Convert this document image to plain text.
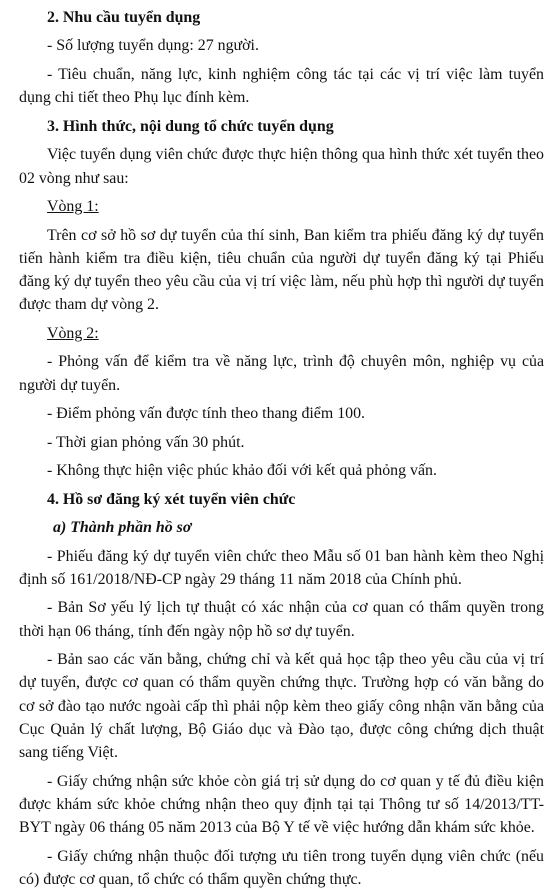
2. Nhu cầu tuyển dụng
- Số lượng tuyển dụng: 27 người.
- Tiêu chuẩn, năng lực, kinh nghiệm công tác tại các vị trí việc làm tuyển dụng chi tiết theo Phụ lục đính kèm.
3. Hình thức, nội dung tổ chức tuyển dụng
Việc tuyển dụng viên chức được thực hiện thông qua hình thức xét tuyển theo 02 vòng như sau:
Vòng 1:
Trên cơ sở hồ sơ dự tuyển của thí sinh, Ban kiểm tra phiếu đăng ký dự tuyển tiến hành kiểm tra điều kiện, tiêu chuẩn của người dự tuyển đăng ký tại Phiếu đăng ký dự tuyển theo yêu cầu của vị trí việc làm, nếu phù hợp thì người dự tuyển được tham dự vòng 2.
Vòng 2:
- Phỏng vấn để kiểm tra về năng lực, trình độ chuyên môn, nghiệp vụ của người dự tuyển.
- Điểm phỏng vấn được tính theo thang điểm 100.
- Thời gian phỏng vấn 30 phút.
- Không thực hiện việc phúc khảo đối với kết quả phỏng vấn.
4. Hồ sơ đăng ký xét tuyển viên chức
a) Thành phần hồ sơ
- Phiếu đăng ký dự tuyển viên chức theo Mẫu số 01 ban hành kèm theo Nghị định số 161/2018/NĐ-CP ngày 29 tháng 11 năm 2018 của Chính phủ.
- Bản Sơ yếu lý lịch tự thuật có xác nhận của cơ quan có thẩm quyền trong thời hạn 06 tháng, tính đến ngày nộp hồ sơ dự tuyển.
- Bản sao các văn bằng, chứng chỉ và kết quả học tập theo yêu cầu của vị trí dự tuyển, được cơ quan có thẩm quyền chứng thực. Trường hợp có văn bằng do cơ sở đào tạo nước ngoài cấp thì phải nộp kèm theo giấy công nhận văn bằng của Cục Quản lý chất lượng, Bộ Giáo dục và Đào tạo, được công chứng dịch thuật sang tiếng Việt.
- Giấy chứng nhận sức khỏe còn giá trị sử dụng do cơ quan y tế đủ điều kiện được khám sức khỏe chứng nhận theo quy định tại tại Thông tư số 14/2013/TT-BYT ngày 06 tháng 05 năm 2013 của Bộ Y tế về việc hướng dẫn khám sức khỏe.
- Giấy chứng nhận thuộc đối tượng ưu tiên trong tuyển dụng viên chức (nếu có) được cơ quan, tổ chức có thẩm quyền chứng thực.
